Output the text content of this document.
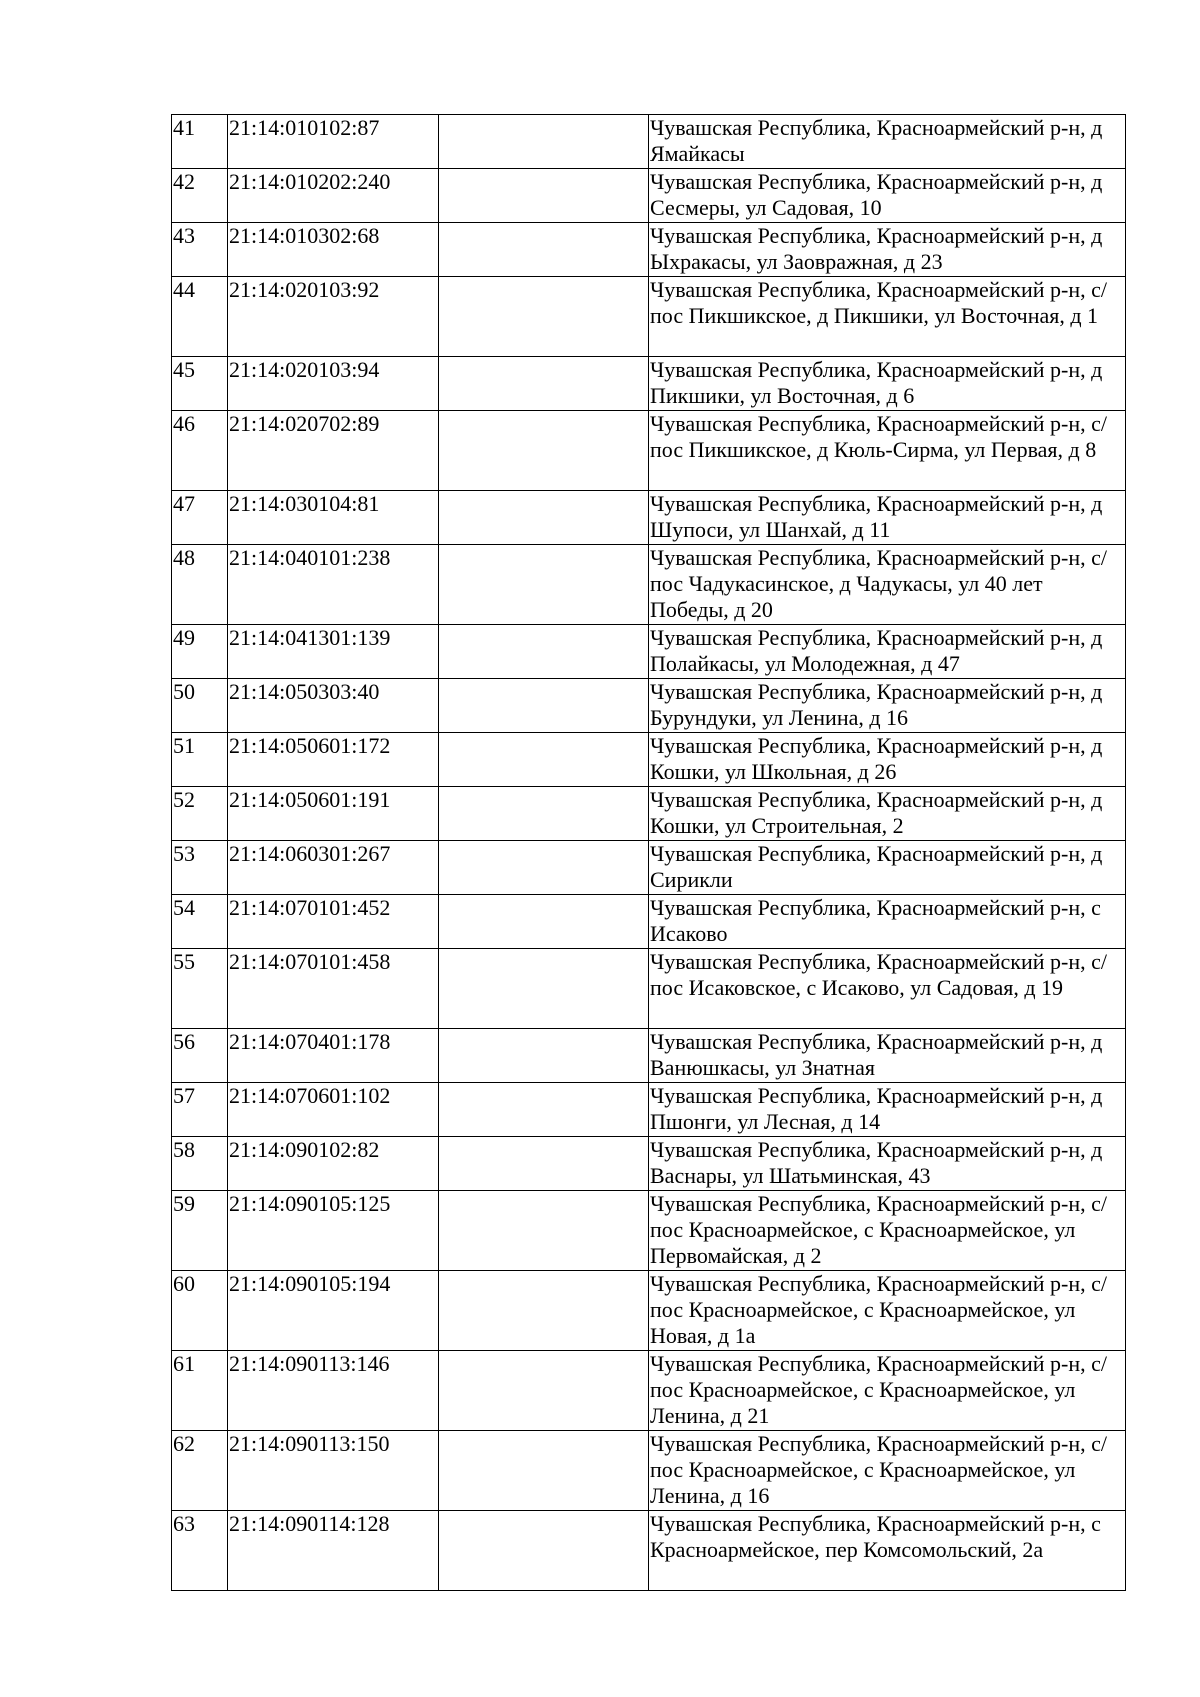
41	21:14:010102:87		Чувашская Республика, Красноармейский р-н, д Ямайкасы
42	21:14:010202:240		Чувашская Республика, Красноармейский р-н, д Сесмеры, ул Садовая, 10
43	21:14:010302:68		Чувашская Республика, Красноармейский р-н, д Ыхракасы, ул Заовражная, д 23
44	21:14:020103:92		Чувашская Республика, Красноармейский р-н, с/пос Пикшикское, д Пикшики, ул Восточная, д 1
45	21:14:020103:94		Чувашская Республика, Красноармейский р-н, д Пикшики, ул Восточная, д 6
46	21:14:020702:89		Чувашская Республика, Красноармейский р-н, с/пос Пикшикское, д Кюль-Сирма, ул Первая, д 8
47	21:14:030104:81		Чувашская Республика, Красноармейский р-н, д Шупоси, ул Шанхай, д 11
48	21:14:040101:238		Чувашская Республика, Красноармейский р-н, с/пос Чадукасинское, д Чадукасы, ул 40 лет Победы, д 20
49	21:14:041301:139		Чувашская Республика, Красноармейский р-н, д Полайкасы, ул Молодежная, д 47
50	21:14:050303:40		Чувашская Республика, Красноармейский р-н, д Бурундуки, ул Ленина, д 16
51	21:14:050601:172		Чувашская Республика, Красноармейский р-н, д Кошки, ул Школьная, д 26
52	21:14:050601:191		Чувашская Республика, Красноармейский р-н, д Кошки, ул Строительная, 2
53	21:14:060301:267		Чувашская Республика, Красноармейский р-н, д Сирикли
54	21:14:070101:452		Чувашская Республика, Красноармейский р-н, с Исаково
55	21:14:070101:458		Чувашская Республика, Красноармейский р-н, с/пос Исаковское, с Исаково, ул Садовая, д 19
56	21:14:070401:178		Чувашская Республика, Красноармейский р-н, д Ванюшкасы, ул Знатная
57	21:14:070601:102		Чувашская Республика, Красноармейский р-н, д Пшонги, ул Лесная, д 14
58	21:14:090102:82		Чувашская Республика, Красноармейский р-н, д Васнары, ул Шатьминская, 43
59	21:14:090105:125		Чувашская Республика, Красноармейский р-н, с/пос Красноармейское, с Красноармейское, ул Первомайская, д 2
60	21:14:090105:194		Чувашская Республика, Красноармейский р-н, с/пос Красноармейское, с Красноармейское, ул Новая, д 1а
61	21:14:090113:146		Чувашская Республика, Красноармейский р-н, с/пос Красноармейское, с Красноармейское, ул Ленина, д 21
62	21:14:090113:150		Чувашская Республика, Красноармейский р-н, с/пос Красноармейское, с Красноармейское, ул Ленина, д 16
63	21:14:090114:128		Чувашская Республика, Красноармейский р-н, с Красноармейское, пер Комсомольский, 2а
